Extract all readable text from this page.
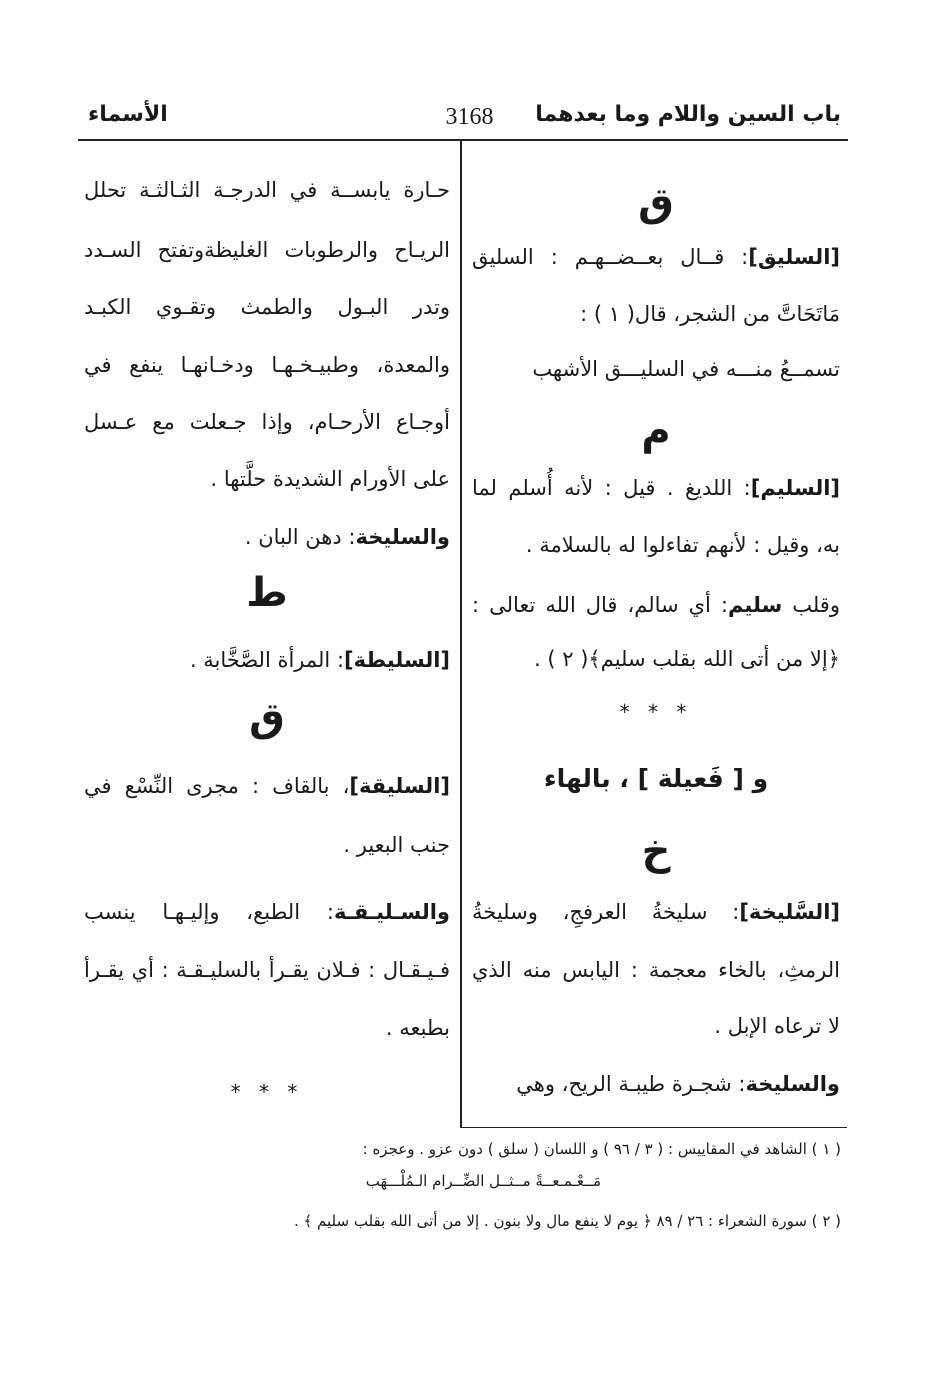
باب السين واللام وما بعدهما
3168
الأسماء
ق
[السليق]: قــال بعــضــهـم : السليق
مَاتَحَاتَّ من الشجر، قال( ١ ) :
تسمــعُ منـــه في السليـــق الأشهب
م
[السليم]: اللديغ . قيل : لأنه أُسلم لما
به، وقيل : لأنهم تفاءلوا له بالسلامة .
وقلب سليم: أي سالم، قال الله تعالى :
﴿إلا من أتى الله بقلب سليم﴾( ٢ ) .
* * *
و [ فَعيلة ] ، بالهاء
خ
[السَّليخة]: سليخةُ العرفجِ، وسليخةُ
الرمثِ، بالخاء معجمة : اليابس منه الذي
لا ترعاه الإبل .
والسليخة: شجـرة طيبـة الريح، وهي
حـارة يابســة في الدرجـة الثـالثـة تحلل
الريـاح والرطوبات الغليظةوتفتح السـدد
وتدر البـول والطمث وتقـوي الكبـد
والمعدة، وطبيـخـهـا ودخـانهـا ينفع في
أوجـاع الأرحـام، وإذا جـعلت مع عـسل
على الأورام الشديدة حلَّتها .
والسليخة: دهن البان .
ط
[السليطة]: المرأة الصَّخَّابة .
ق
[السليقة]، بالقاف : مجرى النِّسْع في
جنب البعير .
والسـليـقـة: الطبع، وإليـهـا ينسب
فـيـقـال : فـلان يقـرأ بالسليـقـة : أي يقـرأ
بطبعه .
* * *
( ١ ) الشاهد في المقاييس : ( ٣ / ٩٦ ) و اللسان ( سلق ) دون عزو . وعجزه :
مَــعْـمـعــةً مــثــل الضِّــرام الـمُلْـــهَب
( ٢ ) سورة الشعراء : ٢٦ / ٨٩ ﴿ يوم لا ينفع مال ولا بنون . إلا من أتى الله بقلب سليم ﴾ .
